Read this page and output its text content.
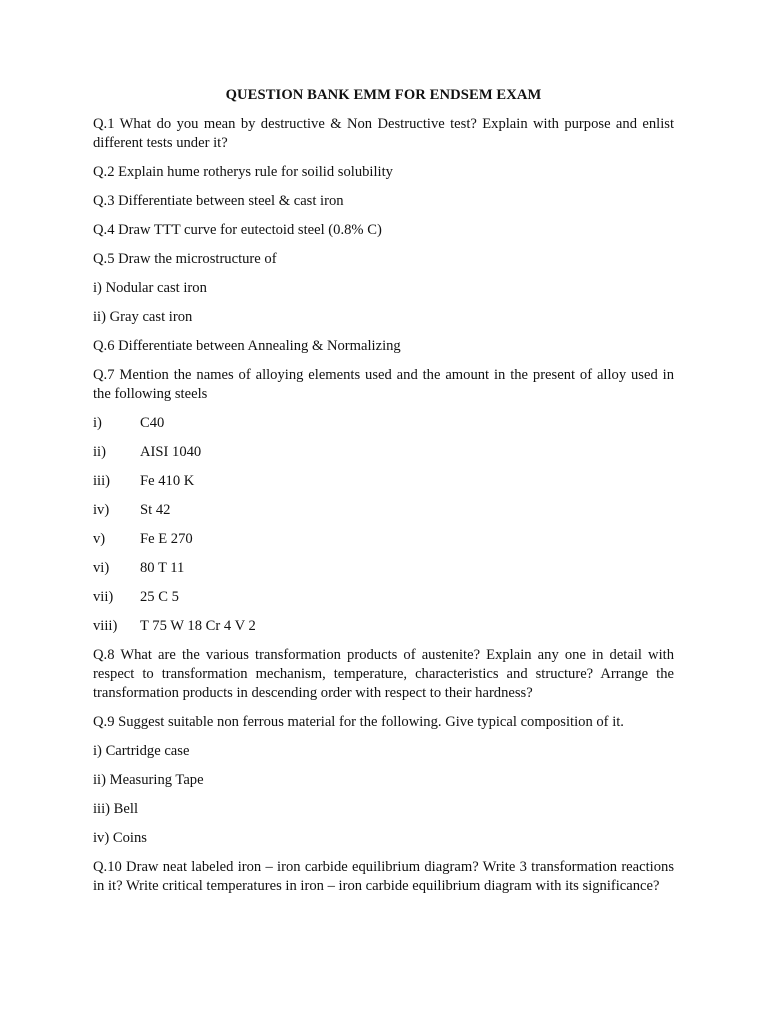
QUESTION BANK EMM FOR ENDSEM EXAM
Q.1 What do you mean by destructive & Non Destructive test? Explain with purpose and enlist different tests under it?
Q.2 Explain hume rotherys rule for soilid solubility
Q.3 Differentiate between steel & cast iron
Q.4 Draw TTT curve for eutectoid steel (0.8% C)
Q.5 Draw the microstructure of
i) Nodular cast iron
ii) Gray cast iron
Q.6 Differentiate between Annealing & Normalizing
Q.7 Mention the names of alloying elements used and the amount in the present of alloy used in the following steels
i)	C40
ii)	AISI 1040
iii)	Fe 410 K
iv)	St 42
v)	Fe E 270
vi)	80 T 11
vii)	25 C 5
viii)	T 75 W 18 Cr 4 V 2
Q.8 What are the various transformation products of austenite? Explain any one in detail with respect to transformation mechanism, temperature, characteristics and structure? Arrange the transformation products in descending order with respect to their hardness?
Q.9 Suggest suitable non ferrous material for the following. Give typical composition of it.
i) Cartridge case
ii) Measuring Tape
iii) Bell
iv) Coins
Q.10 Draw neat labeled iron – iron carbide equilibrium diagram? Write 3 transformation reactions in it? Write critical temperatures in iron – iron carbide equilibrium diagram with its significance?
